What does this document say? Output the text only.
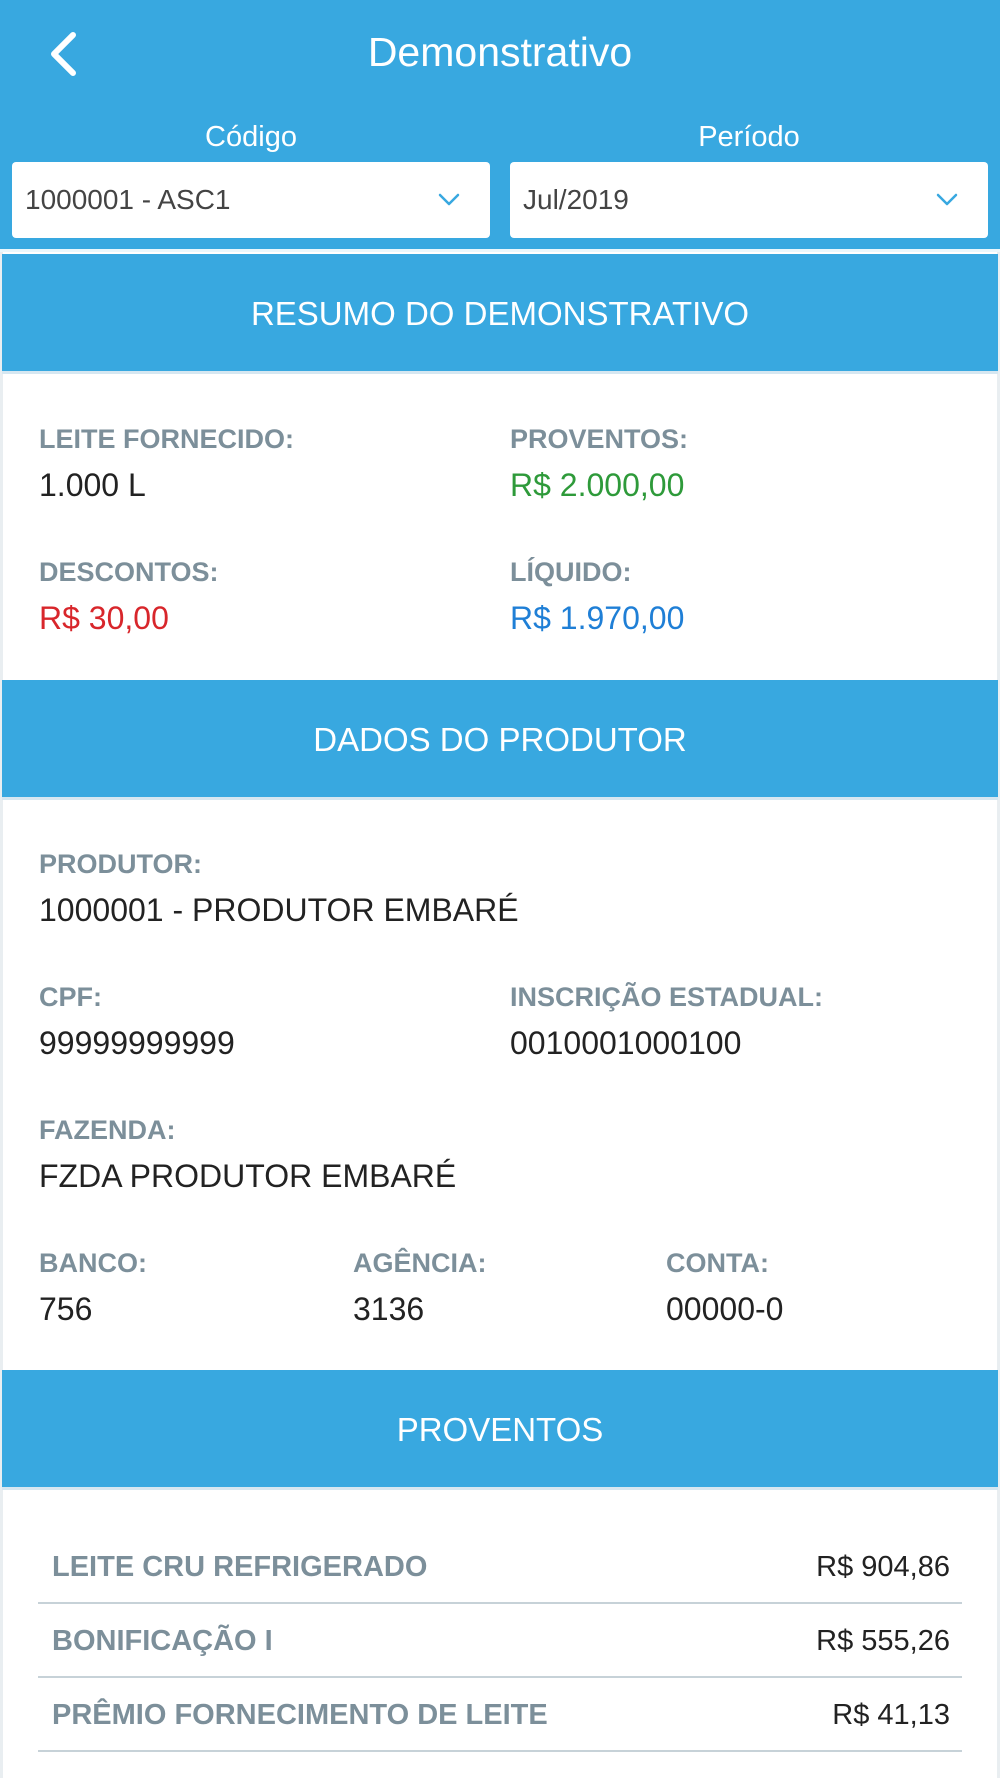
Demonstrativo
Código
1000001 - ASC1
Período
Jul/2019
RESUMO DO DEMONSTRATIVO
LEITE FORNECIDO:
1.000 L
PROVENTOS:
R$ 2.000,00
DESCONTOS:
R$ 30,00
LÍQUIDO:
R$ 1.970,00
DADOS DO PRODUTOR
PRODUTOR:
1000001 - PRODUTOR EMBARÉ
CPF:
99999999999
INSCRIÇÃO ESTADUAL:
0010001000100
FAZENDA:
FZDA PRODUTOR EMBARÉ
BANCO:
756
AGÊNCIA:
3136
CONTA:
00000-0
PROVENTOS
LEITE CRU REFRIGERADO	R$ 904,86
BONIFICAÇÃO I	R$ 555,26
PRÊMIO FORNECIMENTO DE LEITE	R$ 41,13
